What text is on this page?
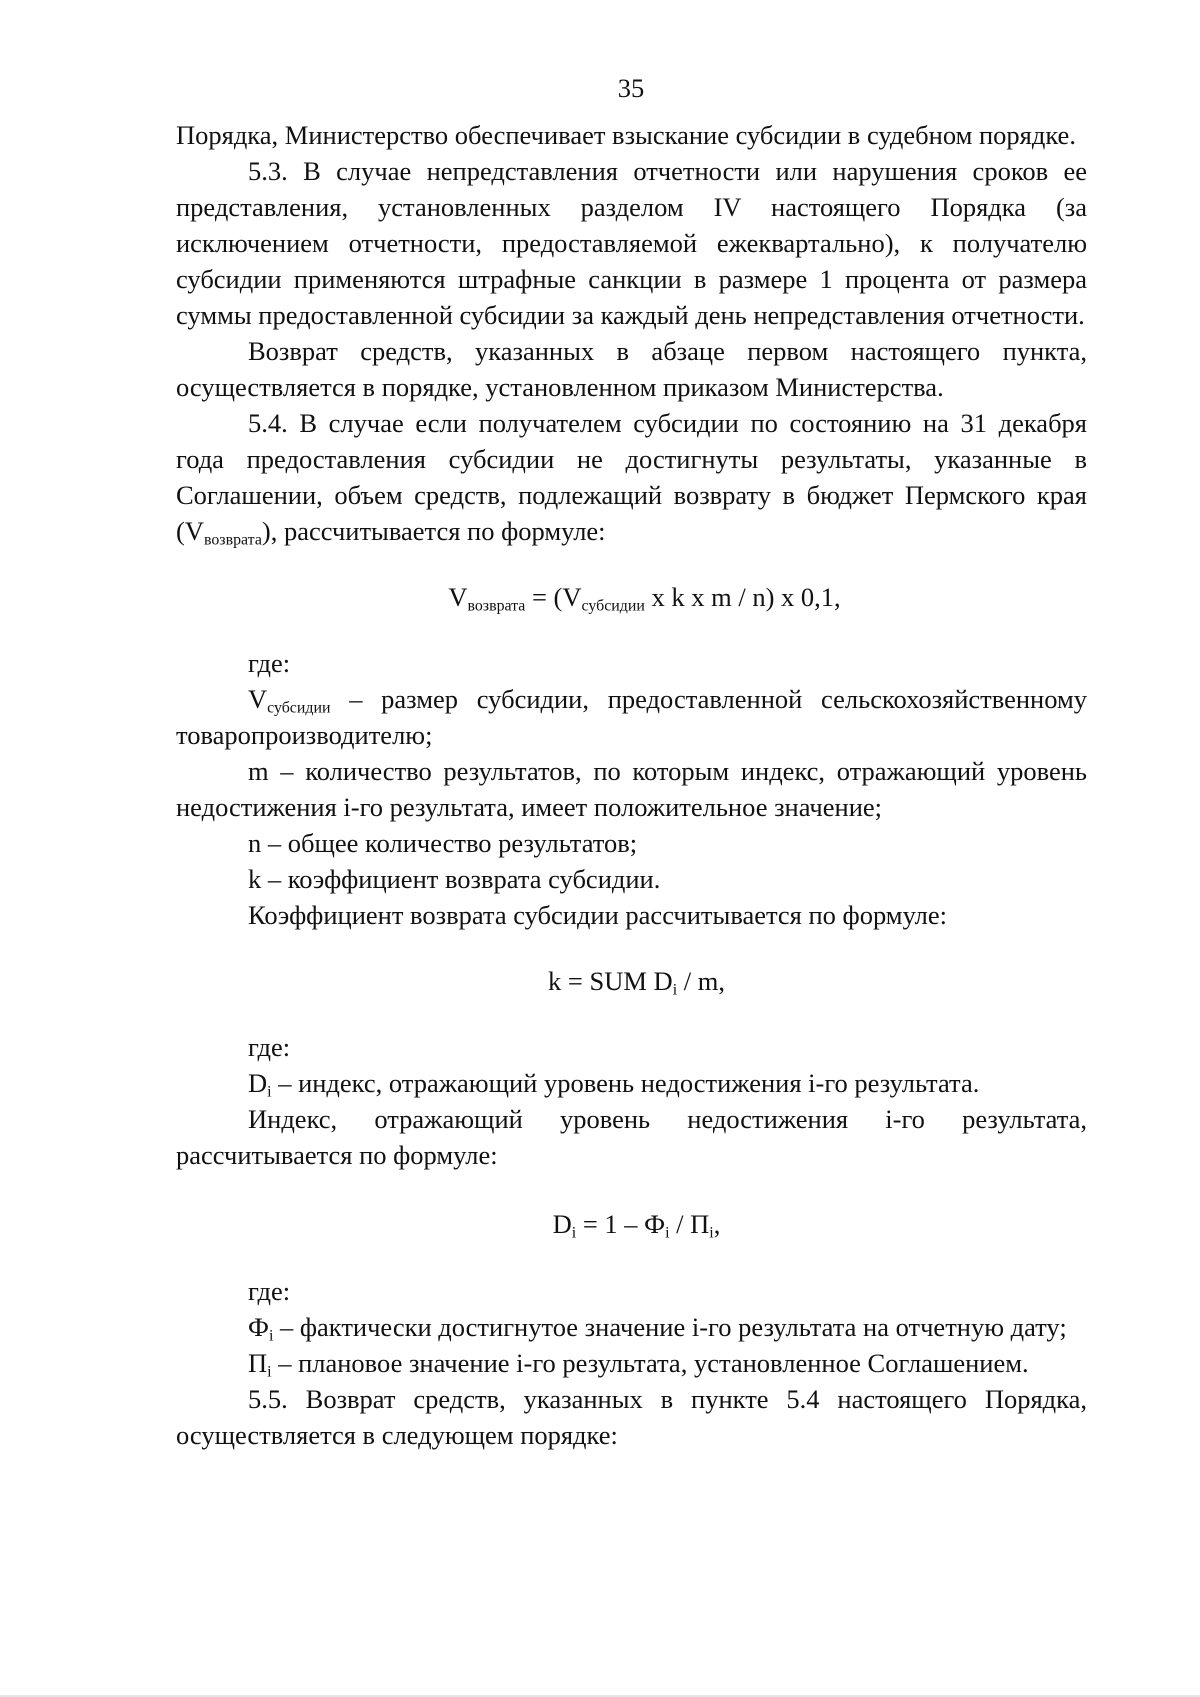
35

Порядка, Министерство обеспечивает взыскание субсидии в судебном порядке.

5.3. В случае непредставления отчетности или нарушения сроков ее представления, установленных разделом IV настоящего Порядка (за исключением отчетности, предоставляемой ежеквартально), к получателю субсидии применяются штрафные санкции в размере 1 процента от размера суммы предоставленной субсидии за каждый день непредставления отчетности.

Возврат средств, указанных в абзаце первом настоящего пункта, осуществляется в порядке, установленном приказом Министерства.

5.4. В случае если получателем субсидии по состоянию на 31 декабря года предоставления субсидии не достигнуты результаты, указанные в Соглашении, объем средств, подлежащий возврату в бюджет Пермского края $(V_{возврата})$, рассчитывается по формуле:

$V_{возврата} = (V_{субсидии}$ x k x m / n) x 0,1,

где:

$V_{субсидии}$ – размер субсидии, предоставленной сельскохозяйственному товаропроизводителю;

m – количество результатов, по которым индекс, отражающий уровень недостижения i-го результата, имеет положительное значение;

n – общее количество результатов;

k – коэффициент возврата субсидии.

Коэффициент возврата субсидии рассчитывается по формуле:

k = SUM $D_i$ / m,

где:

$D_i$ – индекс, отражающий уровень недостижения i-го результата.

Индекс, отражающий уровень недостижения i-го результата, рассчитывается по формуле:

$D_i = 1 - Ф_i / П_i$,

где:

$Ф_i$ – фактически достигнутое значение i-го результата на отчетную дату;

$П_i$ – плановое значение i-го результата, установленное Соглашением.

5.5. Возврат средств, указанных в пункте 5.4 настоящего Порядка, осуществляется в следующем порядке:
